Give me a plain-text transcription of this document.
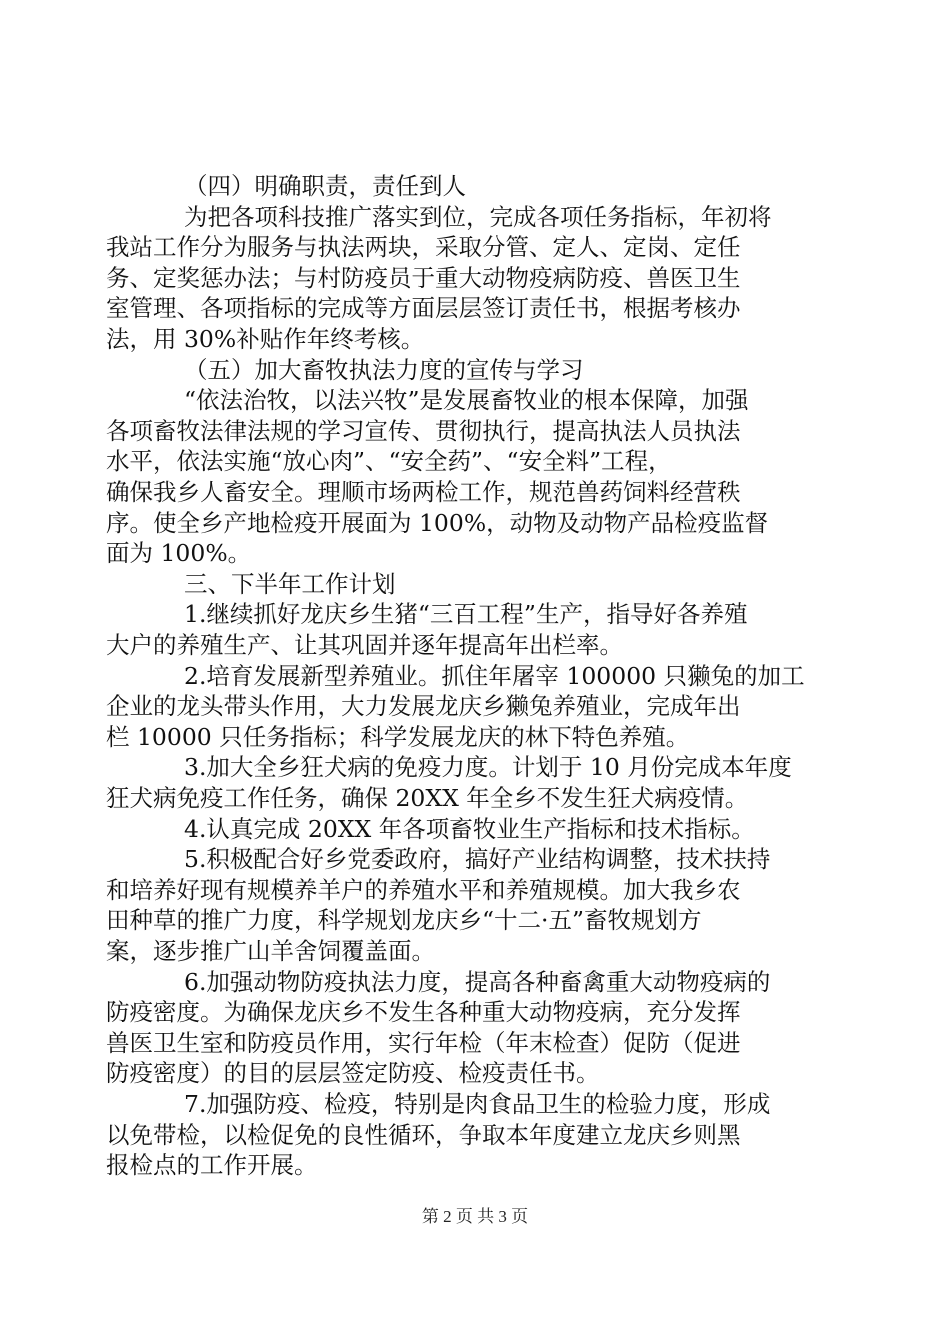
（四）明确职责，责任到人
为把各项科技推广落实到位，完成各项任务指标，年初将
我站工作分为服务与执法两块，采取分管、定人、定岗、定任
务、定奖惩办法；与村防疫员于重大动物疫病防疫、兽医卫生
室管理、各项指标的完成等方面层层签订责任书，根据考核办
法，用 30%补贴作年终考核。
（五）加大畜牧执法力度的宣传与学习
“依法治牧，以法兴牧”是发展畜牧业的根本保障，加强
各项畜牧法律法规的学习宣传、贯彻执行，提高执法人员执法
水平，依法实施“放心肉”、“安全药”、“安全料”工程，
确保我乡人畜安全。理顺市场两检工作，规范兽药饲料经营秩
序。使全乡产地检疫开展面为 100%，动物及动物产品检疫监督
面为 100%。
三、下半年工作计划
1.继续抓好龙庆乡生猪“三百工程”生产，指导好各养殖
大户的养殖生产、让其巩固并逐年提高年出栏率。
2.培育发展新型养殖业。抓住年屠宰 100000 只獭兔的加工
企业的龙头带头作用，大力发展龙庆乡獭兔养殖业，完成年出
栏 10000 只任务指标；科学发展龙庆的林下特色养殖。
3.加大全乡狂犬病的免疫力度。计划于 10 月份完成本年度
狂犬病免疫工作任务，确保 20XX 年全乡不发生狂犬病疫情。
4.认真完成 20XX 年各项畜牧业生产指标和技术指标。
5.积极配合好乡党委政府，搞好产业结构调整，技术扶持
和培养好现有规模养羊户的养殖水平和养殖规模。加大我乡农
田种草的推广力度，科学规划龙庆乡“十二·五”畜牧规划方
案，逐步推广山羊舍饲覆盖面。
6.加强动物防疫执法力度，提高各种畜禽重大动物疫病的
防疫密度。为确保龙庆乡不发生各种重大动物疫病，充分发挥
兽医卫生室和防疫员作用，实行年检（年末检查）促防（促进
防疫密度）的目的层层签定防疫、检疫责任书。
7.加强防疫、检疫，特别是肉食品卫生的检验力度，形成
以免带检，以检促免的良性循环，争取本年度建立龙庆乡则黑
报检点的工作开展。
第 2 页 共 3 页
